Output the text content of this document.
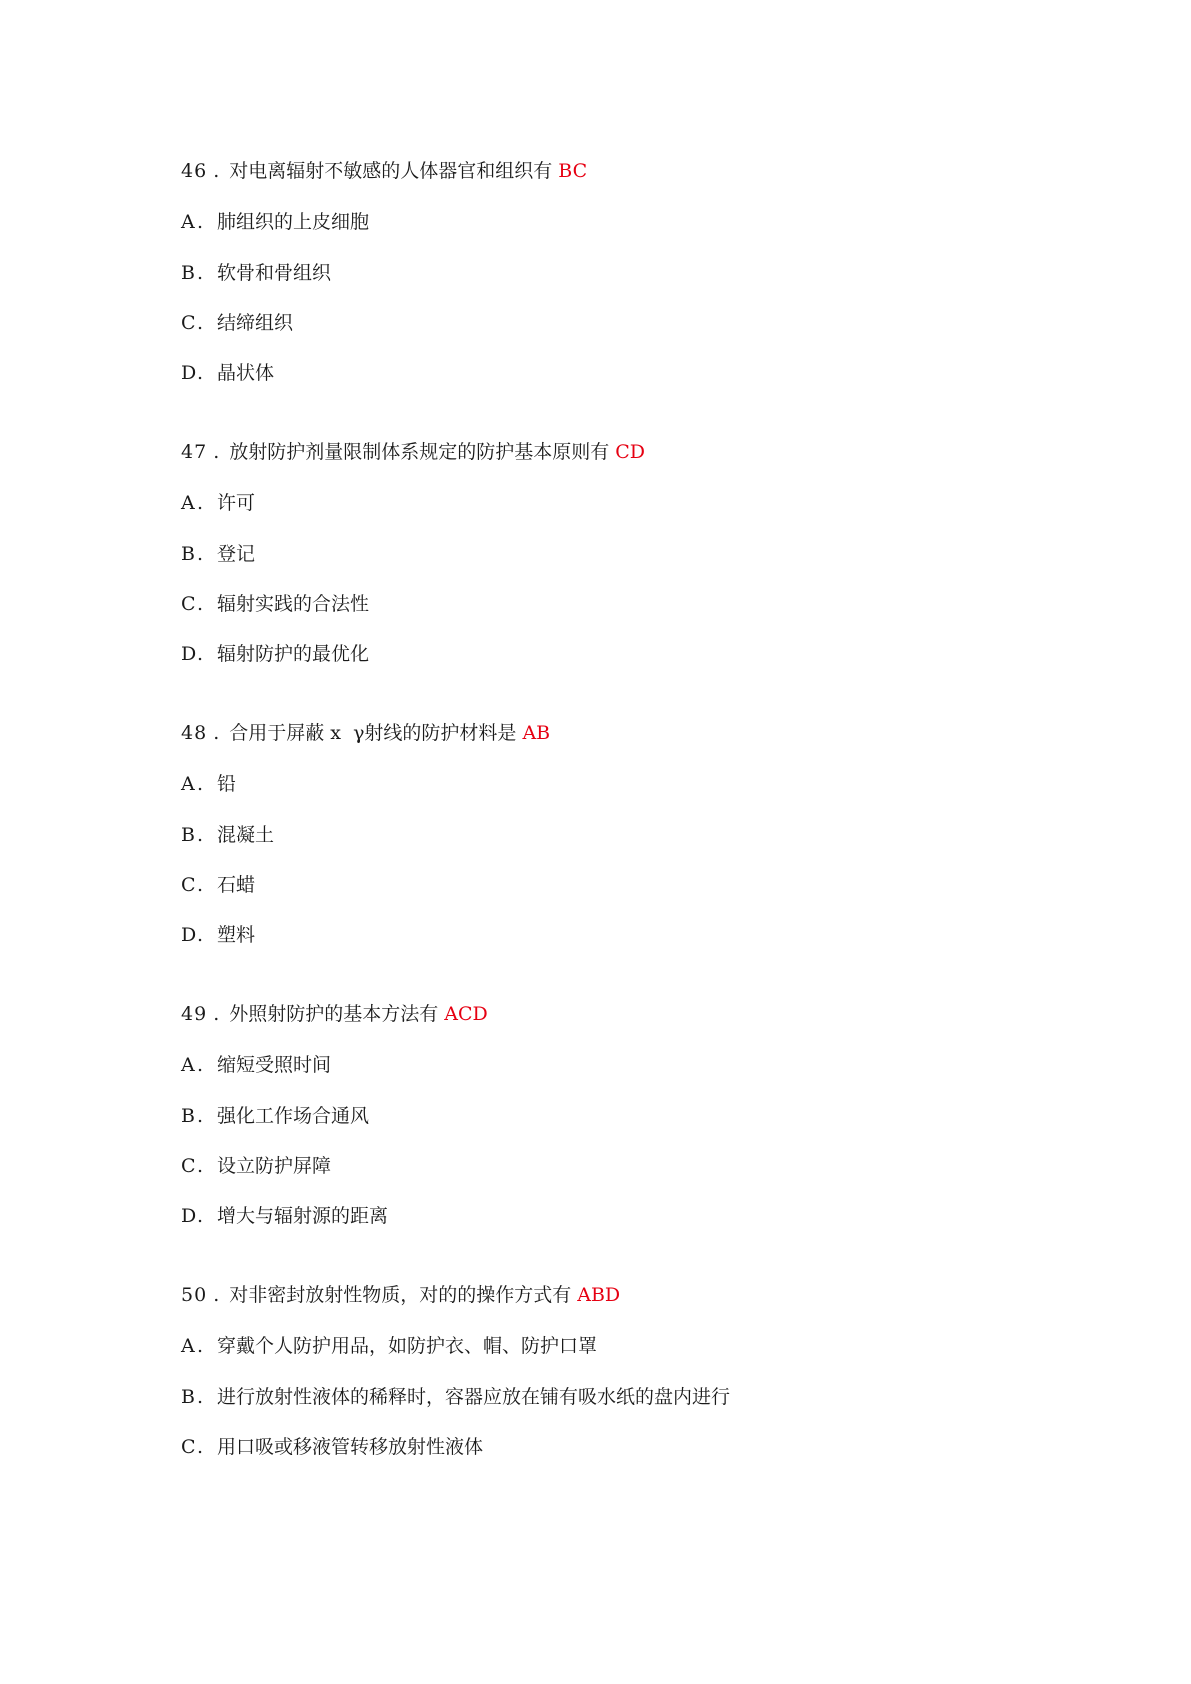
46 . 对电离辐射不敏感的人体器官和组织有 BC
A . 肺组织的上皮细胞
B . 软骨和骨组织
C. 结缔组织
D. 晶状体
47 . 放射防护剂量限制体系规定的防护基本原则有 CD
A . 许可
B . 登记
C. 辐射实践的合法性
D. 辐射防护的最优化
48 . 合用于屏蔽 x  γ射线的防护材料是 AB
A . 铅
B . 混凝土
C. 石蜡
D. 塑料
49 . 外照射防护的基本方法有 ACD
A . 缩短受照时间
B . 强化工作场合通风
C. 设立防护屏障
D. 增大与辐射源的距离
50 . 对非密封放射性物质，对的的操作方式有 ABD
A . 穿戴个人防护用品，如防护衣、帽、防护口罩
B . 进行放射性液体的稀释时，容器应放在铺有吸水纸的盘内进行
C. 用口吸或移液管转移放射性液体
